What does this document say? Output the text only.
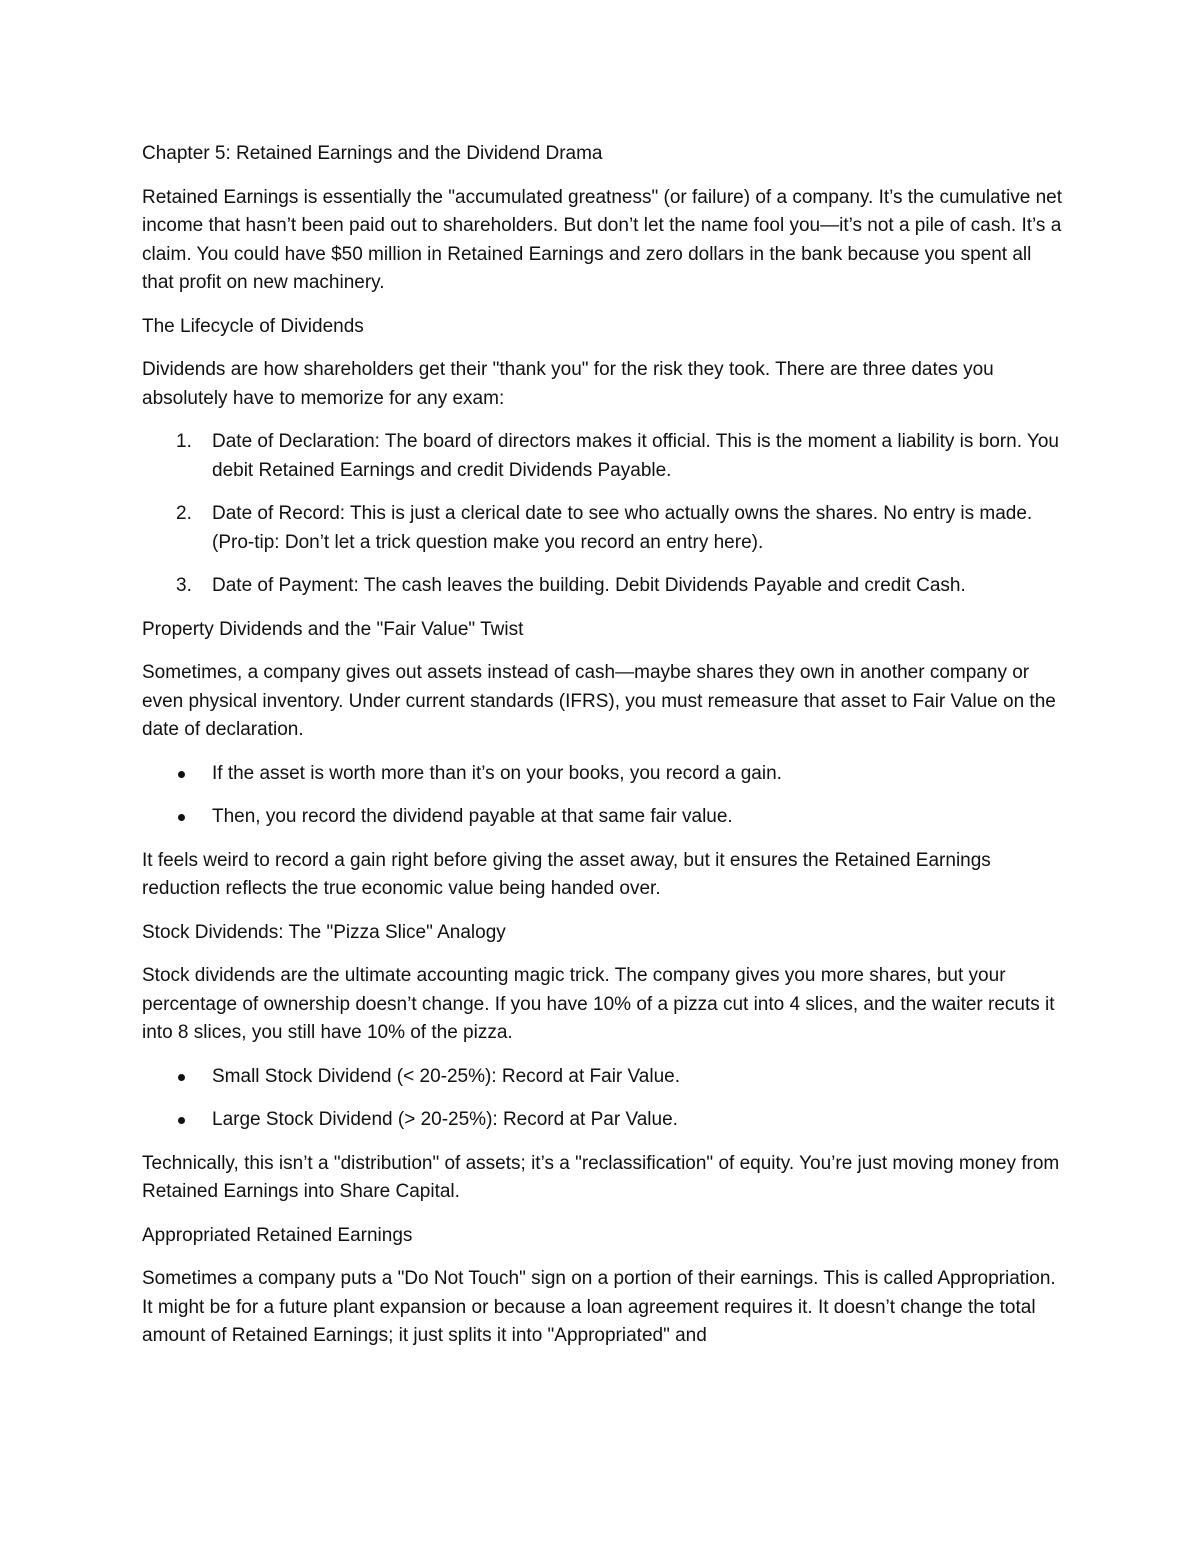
Chapter 5: Retained Earnings and the Dividend Drama
Retained Earnings is essentially the "accumulated greatness" (or failure) of a company. It’s the cumulative net income that hasn’t been paid out to shareholders. But don’t let the name fool you—it’s not a pile of cash. It’s a claim. You could have $50 million in Retained Earnings and zero dollars in the bank because you spent all that profit on new machinery.
The Lifecycle of Dividends
Dividends are how shareholders get their "thank you" for the risk they took. There are three dates you absolutely have to memorize for any exam:
1. Date of Declaration: The board of directors makes it official. This is the moment a liability is born. You debit Retained Earnings and credit Dividends Payable.
2. Date of Record: This is just a clerical date to see who actually owns the shares. No entry is made. (Pro-tip: Don’t let a trick question make you record an entry here).
3. Date of Payment: The cash leaves the building. Debit Dividends Payable and credit Cash.
Property Dividends and the "Fair Value" Twist
Sometimes, a company gives out assets instead of cash—maybe shares they own in another company or even physical inventory. Under current standards (IFRS), you must remeasure that asset to Fair Value on the date of declaration.
If the asset is worth more than it’s on your books, you record a gain.
Then, you record the dividend payable at that same fair value.
It feels weird to record a gain right before giving the asset away, but it ensures the Retained Earnings reduction reflects the true economic value being handed over.
Stock Dividends: The "Pizza Slice" Analogy
Stock dividends are the ultimate accounting magic trick. The company gives you more shares, but your percentage of ownership doesn’t change. If you have 10% of a pizza cut into 4 slices, and the waiter recuts it into 8 slices, you still have 10% of the pizza.
Small Stock Dividend (< 20-25%): Record at Fair Value.
Large Stock Dividend (> 20-25%): Record at Par Value.
Technically, this isn’t a "distribution" of assets; it’s a "reclassification" of equity. You’re just moving money from Retained Earnings into Share Capital.
Appropriated Retained Earnings
Sometimes a company puts a "Do Not Touch" sign on a portion of their earnings. This is called Appropriation. It might be for a future plant expansion or because a loan agreement requires it. It doesn’t change the total amount of Retained Earnings; it just splits it into "Appropriated" and
